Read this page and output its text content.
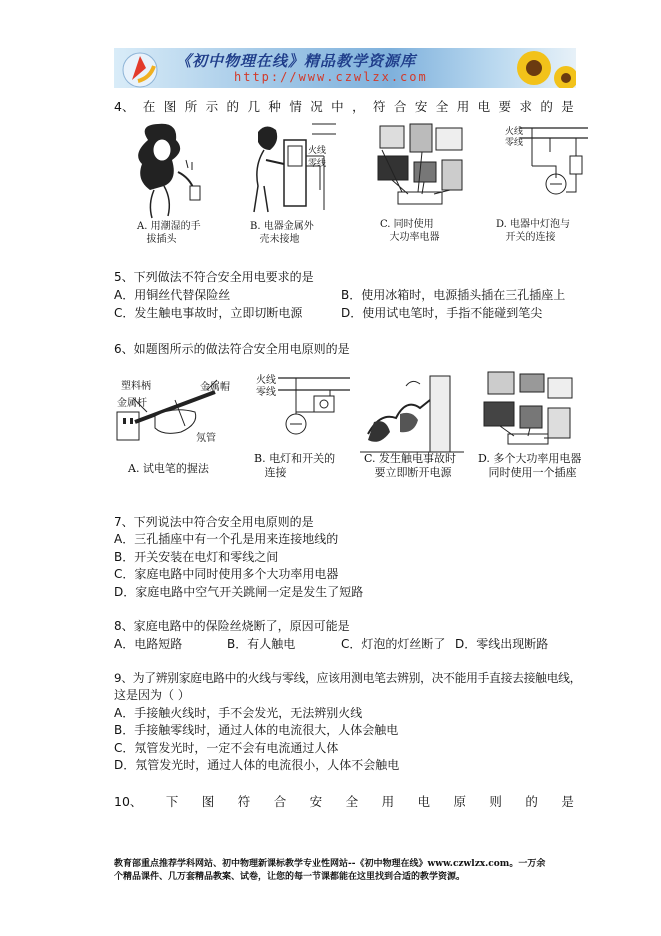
《初中物理在线》精品教学资源库
http://www.czwlzx.com
4、 在 图 所 示 的 几 种 情 况 中 ， 符 合 安 全 用 电 要 求 的 是
A. 用潮湿的手
拔插头
火线
零线
B. 电器金属外
壳未接地
C. 同时使用
大功率电器
火线
零线
D. 电器中灯泡与
开关的连接
5、下列做法不符合安全用电要求的是
A．用铜丝代替保险丝	B．使用冰箱时，电源插头插在三孔插座上
C．发生触电事故时，立即切断电源	D．使用试电笔时，手指不能碰到笔尖
6、如题图所示的做法符合安全用电原则的是
塑料柄	金属帽
金属杆
氖管
A. 试电笔的握法
火线
零线
B. 电灯和开关的
连接
C. 发生触电事故时
要立即断开电源
D. 多个大功率用电器
同时使用一个插座
7、下列说法中符合安全用电原则的是
A．三孔插座中有一个孔是用来连接地线的
B．开关安装在电灯和零线之间
C．家庭电路中同时使用多个大功率用电器
D．家庭电路中空气开关跳闸一定是发生了短路
8、家庭电路中的保险丝烧断了，原因可能是
A．电路短路	B．有人触电	C．灯泡的灯丝断了 D．零线出现断路
9、为了辨别家庭电路中的火线与零线，应该用测电笔去辨别，决不能用手直接去接触电线，
这是因为（ ）
A．手接触火线时，手不会发光，无法辨别火线
B．手接触零线时，通过人体的电流很大，人体会触电
C．氖管发光时，一定不会有电流通过人体
D．氖管发光时，通过人体的电流很小，人体不会触电
10、 下 图 符 合 安 全 用 电 原 则 的 是
教育部重点推荐学科网站、初中物理新课标教学专业性网站--《初中物理在线》www.czwlzx.com。一万余
个精品课件、几万套精品教案、试卷，让您的每一节课都能在这里找到合适的教学资源。
